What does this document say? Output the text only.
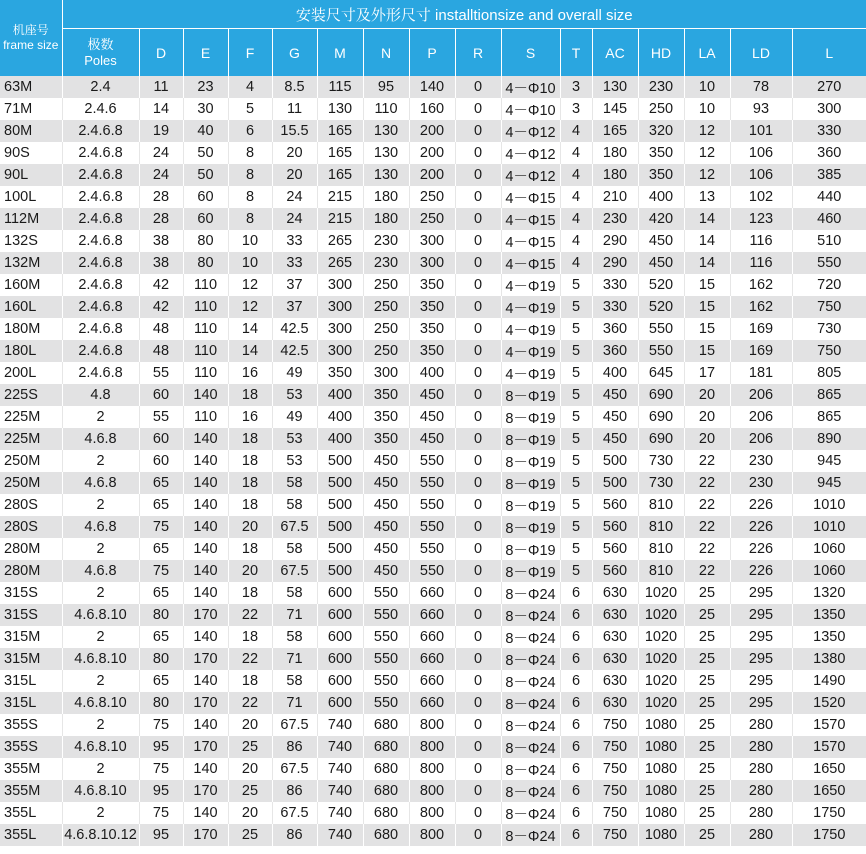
机座号
frame size	安装尺寸及外形尺寸 installtionsize and overall size															
	极数
Poles	D	E	F	G	M	N	P	R	S	T	AC	HD	LA	LD	L
63M	2.4	11	23	4	8.5	115	95	140	0	4－Φ10	3	130	230	10	78	270
71M	2.4.6	14	30	5	11	130	110	160	0	4－Φ10	3	145	250	10	93	300
80M	2.4.6.8	19	40	6	15.5	165	130	200	0	4－Φ12	4	165	320	12	101	330
90S	2.4.6.8	24	50	8	20	165	130	200	0	4－Φ12	4	180	350	12	106	360
90L	2.4.6.8	24	50	8	20	165	130	200	0	4－Φ12	4	180	350	12	106	385
100L	2.4.6.8	28	60	8	24	215	180	250	0	4－Φ15	4	210	400	13	102	440
112M	2.4.6.8	28	60	8	24	215	180	250	0	4－Φ15	4	230	420	14	123	460
132S	2.4.6.8	38	80	10	33	265	230	300	0	4－Φ15	4	290	450	14	116	510
132M	2.4.6.8	38	80	10	33	265	230	300	0	4－Φ15	4	290	450	14	116	550
160M	2.4.6.8	42	110	12	37	300	250	350	0	4－Φ19	5	330	520	15	162	720
160L	2.4.6.8	42	110	12	37	300	250	350	0	4－Φ19	5	330	520	15	162	750
180M	2.4.6.8	48	110	14	42.5	300	250	350	0	4－Φ19	5	360	550	15	169	730
180L	2.4.6.8	48	110	14	42.5	300	250	350	0	4－Φ19	5	360	550	15	169	750
200L	2.4.6.8	55	110	16	49	350	300	400	0	4－Φ19	5	400	645	17	181	805
225S	4.8	60	140	18	53	400	350	450	0	8－Φ19	5	450	690	20	206	865
225M	2	55	110	16	49	400	350	450	0	8－Φ19	5	450	690	20	206	865
225M	4.6.8	60	140	18	53	400	350	450	0	8－Φ19	5	450	690	20	206	890
250M	2	60	140	18	53	500	450	550	0	8－Φ19	5	500	730	22	230	945
250M	4.6.8	65	140	18	58	500	450	550	0	8－Φ19	5	500	730	22	230	945
280S	2	65	140	18	58	500	450	550	0	8－Φ19	5	560	810	22	226	1010
280S	4.6.8	75	140	20	67.5	500	450	550	0	8－Φ19	5	560	810	22	226	1010
280M	2	65	140	18	58	500	450	550	0	8－Φ19	5	560	810	22	226	1060
280M	4.6.8	75	140	20	67.5	500	450	550	0	8－Φ19	5	560	810	22	226	1060
315S	2	65	140	18	58	600	550	660	0	8－Φ24	6	630	1020	25	295	1320
315S	4.6.8.10	80	170	22	71	600	550	660	0	8－Φ24	6	630	1020	25	295	1350
315M	2	65	140	18	58	600	550	660	0	8－Φ24	6	630	1020	25	295	1350
315M	4.6.8.10	80	170	22	71	600	550	660	0	8－Φ24	6	630	1020	25	295	1380
315L	2	65	140	18	58	600	550	660	0	8－Φ24	6	630	1020	25	295	1490
315L	4.6.8.10	80	170	22	71	600	550	660	0	8－Φ24	6	630	1020	25	295	1520
355S	2	75	140	20	67.5	740	680	800	0	8－Φ24	6	750	1080	25	280	1570
355S	4.6.8.10	95	170	25	86	740	680	800	0	8－Φ24	6	750	1080	25	280	1570
355M	2	75	140	20	67.5	740	680	800	0	8－Φ24	6	750	1080	25	280	1650
355M	4.6.8.10	95	170	25	86	740	680	800	0	8－Φ24	6	750	1080	25	280	1650
355L	2	75	140	20	67.5	740	680	800	0	8－Φ24	6	750	1080	25	280	1750
355L	4.6.8.10.12	95	170	25	86	740	680	800	0	8－Φ24	6	750	1080	25	280	1750
